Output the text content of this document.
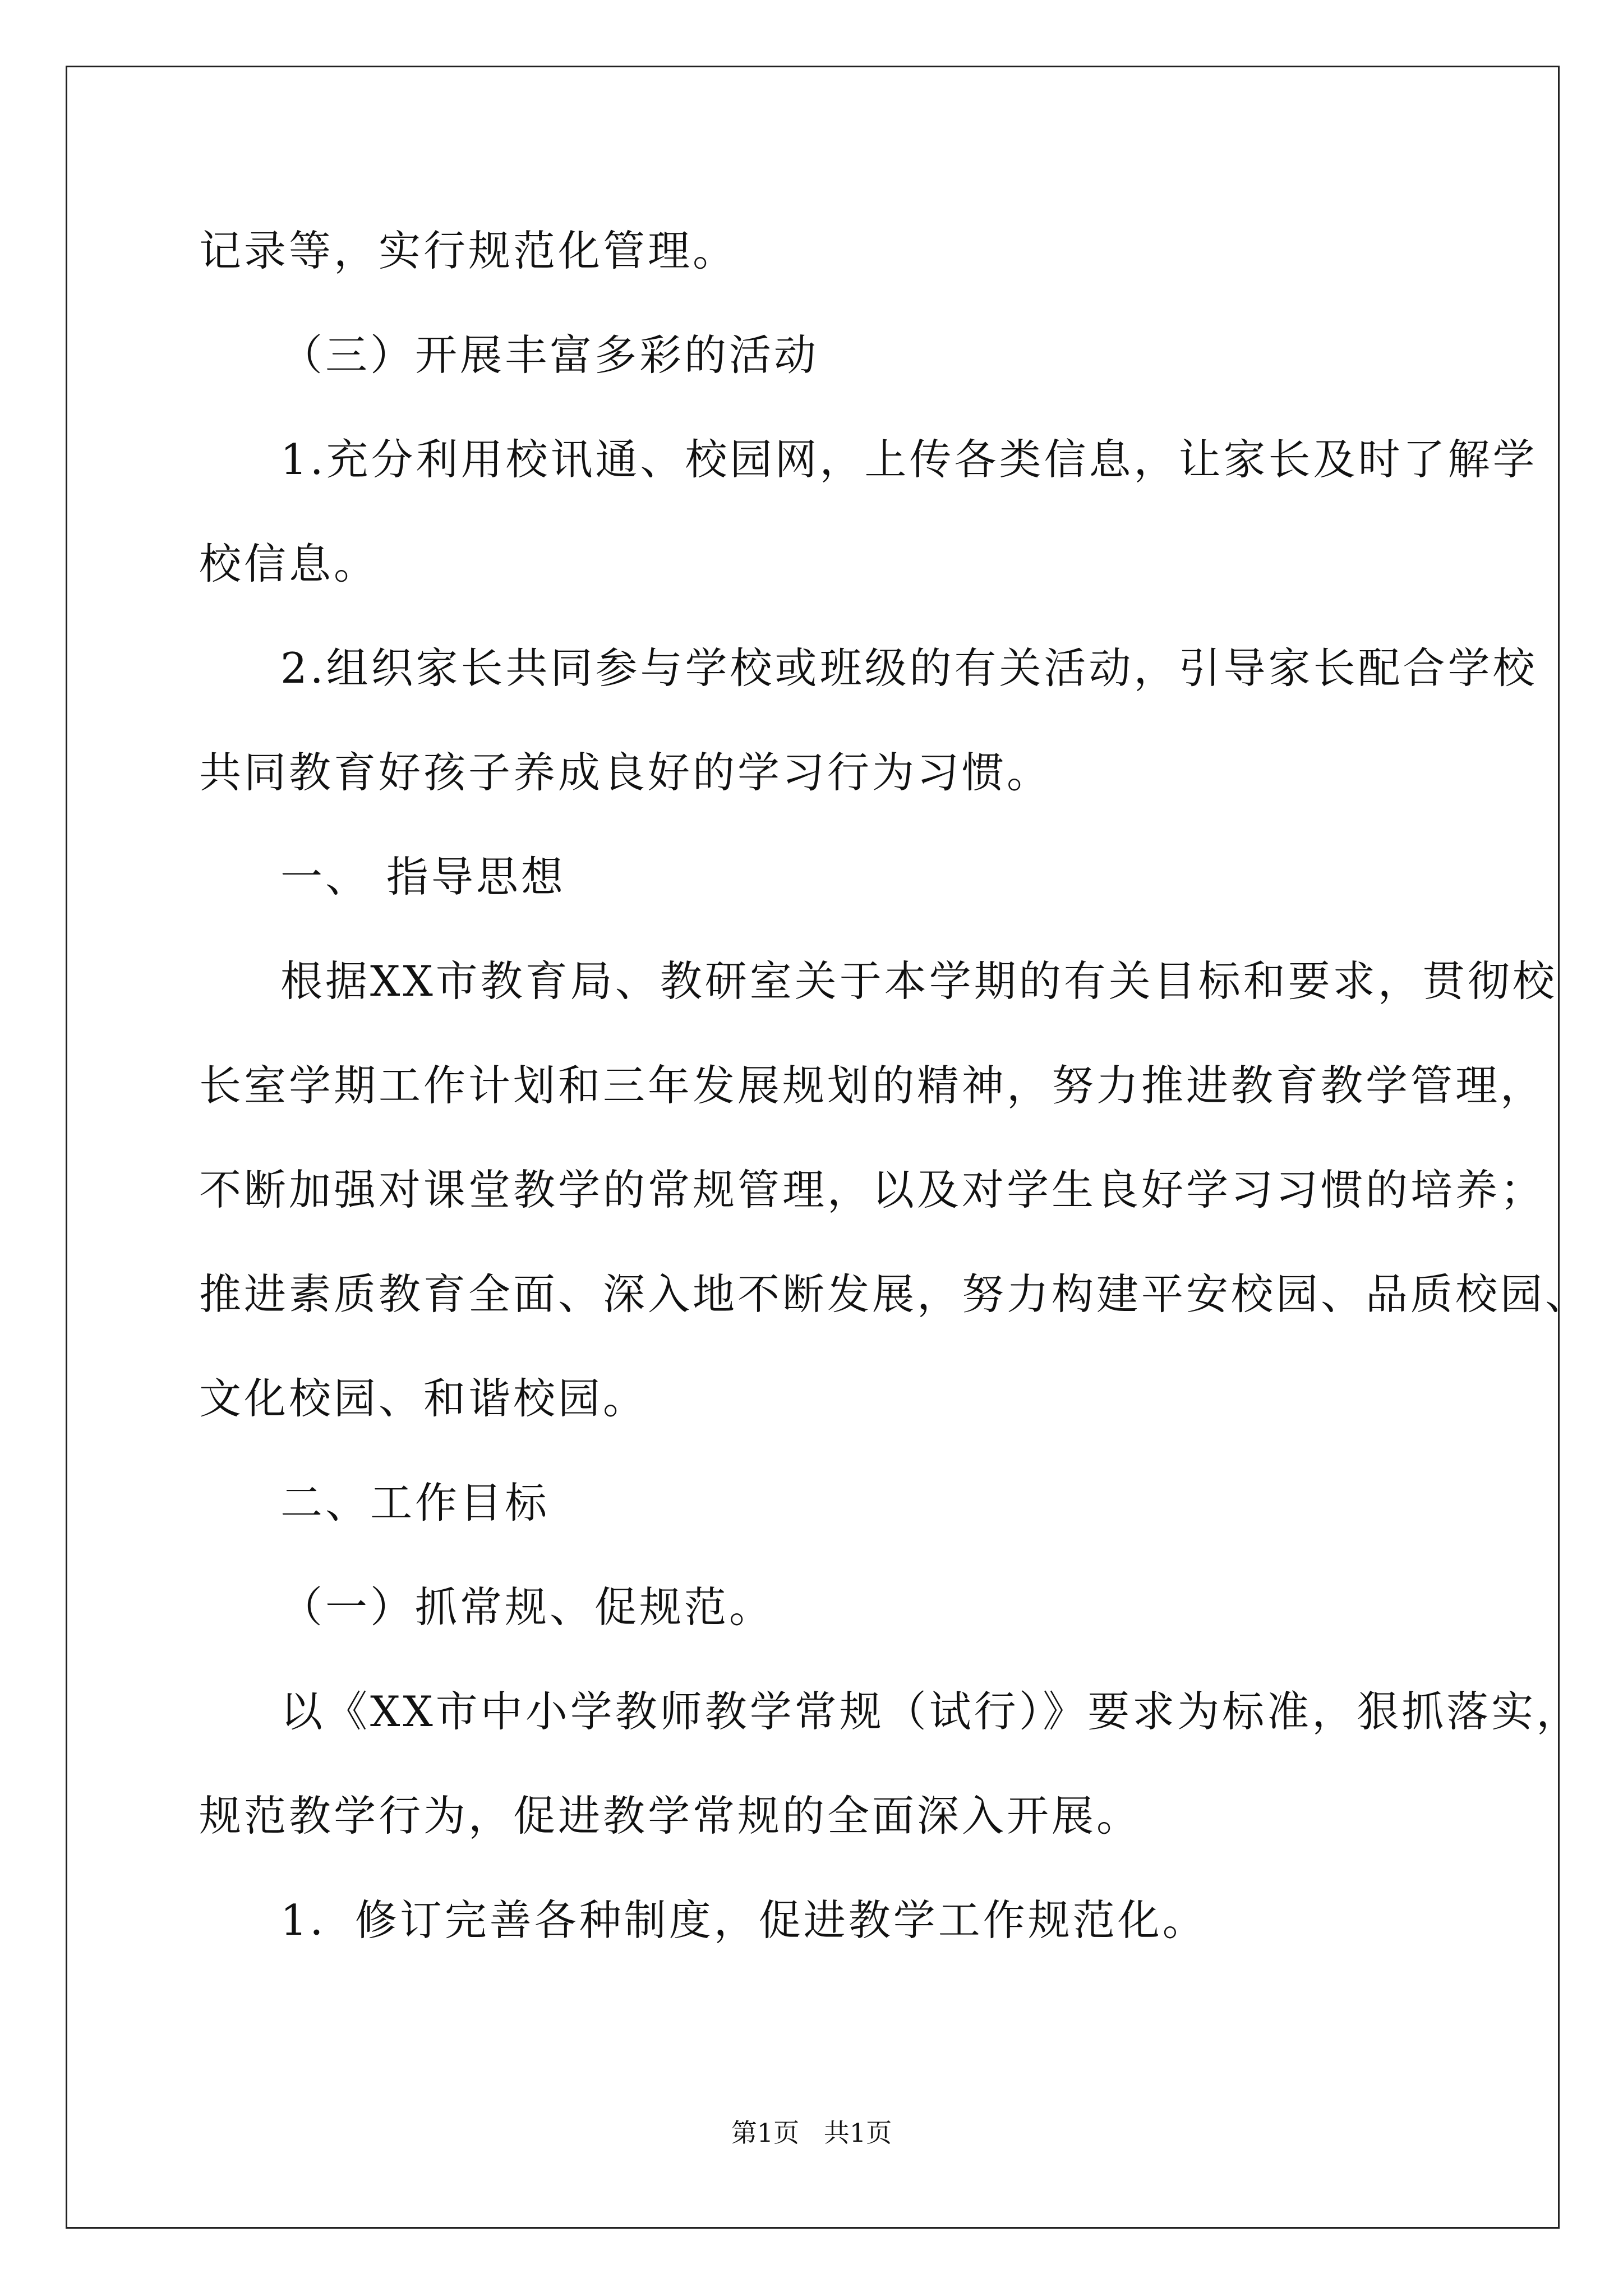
记录等，实行规范化管理。
（三）开展丰富多彩的活动
1.充分利用校讯通、校园网，上传各类信息，让家长及时了解学
校信息。
2.组织家长共同参与学校或班级的有关活动，引导家长配合学校
共同教育好孩子养成良好的学习行为习惯。
一、 指导思想
根据XX市教育局、教研室关于本学期的有关目标和要求，贯彻校
长室学期工作计划和三年发展规划的精神，努力推进教育教学管理，
不断加强对课堂教学的常规管理，以及对学生良好学习习惯的培养；
推进素质教育全面、深入地不断发展，努力构建平安校园、品质校园、
文化校园、和谐校园。
二、工作目标
（一）抓常规、促规范。
以《XX市中小学教师教学常规（试行）》要求为标准，狠抓落实，
规范教学行为，促进教学常规的全面深入开展。
1．修订完善各种制度，促进教学工作规范化。
第1页   共1页
